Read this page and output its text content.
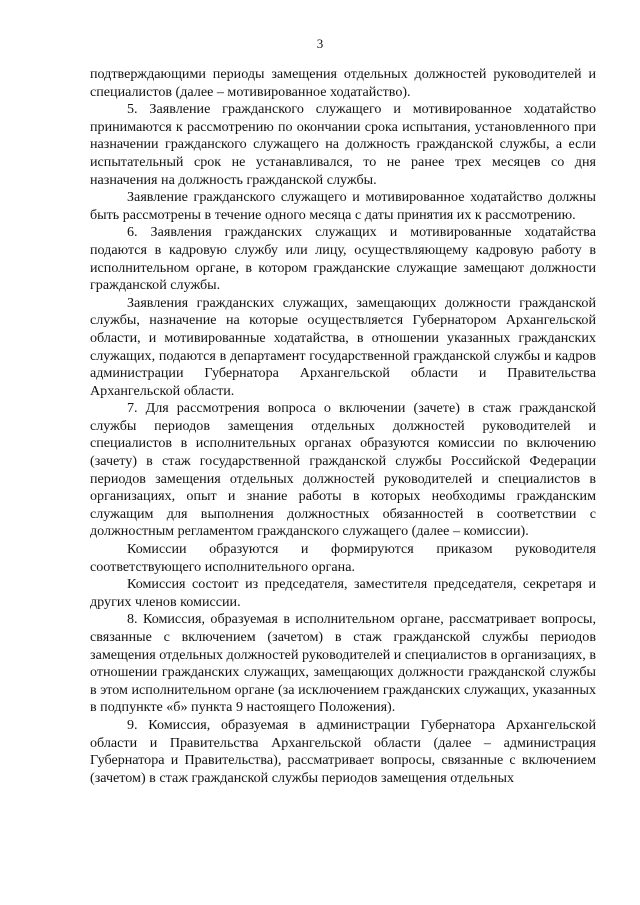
3

подтверждающими периоды замещения отдельных должностей руководителей и специалистов (далее – мотивированное ходатайство).

5. Заявление гражданского служащего и мотивированное ходатайство принимаются к рассмотрению по окончании срока испытания, установленного при назначении гражданского служащего на должность гражданской службы, а если испытательный срок не устанавливался, то не ранее трех месяцев со дня назначения на должность гражданской службы.

Заявление гражданского служащего и мотивированное ходатайство должны быть рассмотрены в течение одного месяца с даты принятия их к рассмотрению.

6. Заявления гражданских служащих и мотивированные ходатайства подаются в кадровую службу или лицу, осуществляющему кадровую работу в исполнительном органе, в котором гражданские служащие замещают должности гражданской службы.

Заявления гражданских служащих, замещающих должности гражданской службы, назначение на которые осуществляется Губернатором Архангельской области, и мотивированные ходатайства, в отношении указанных гражданских служащих, подаются в департамент государственной гражданской службы и кадров администрации Губернатора Архангельской области и Правительства Архангельской области.

7. Для рассмотрения вопроса о включении (зачете) в стаж гражданской службы периодов замещения отдельных должностей руководителей и специалистов в исполнительных органах образуются комиссии по включению (зачету) в стаж государственной гражданской службы Российской Федерации периодов замещения отдельных должностей руководителей и специалистов в организациях, опыт и знание работы в которых необходимы гражданским служащим для выполнения должностных обязанностей в соответствии с должностным регламентом гражданского служащего (далее – комиссии).

Комиссии образуются и формируются приказом руководителя соответствующего исполнительного органа.

Комиссия состоит из председателя, заместителя председателя, секретаря и других членов комиссии.

8. Комиссия, образуемая в исполнительном органе, рассматривает вопросы, связанные с включением (зачетом) в стаж гражданской службы периодов замещения отдельных должностей руководителей и специалистов в организациях, в отношении гражданских служащих, замещающих должности гражданской службы в этом исполнительном органе (за исключением гражданских служащих, указанных в подпункте «б» пункта 9 настоящего Положения).

9. Комиссия, образуемая в администрации Губернатора Архангельской области и Правительства Архангельской области (далее – администрация Губернатора и Правительства), рассматривает вопросы, связанные с включением (зачетом) в стаж гражданской службы периодов замещения отдельных
